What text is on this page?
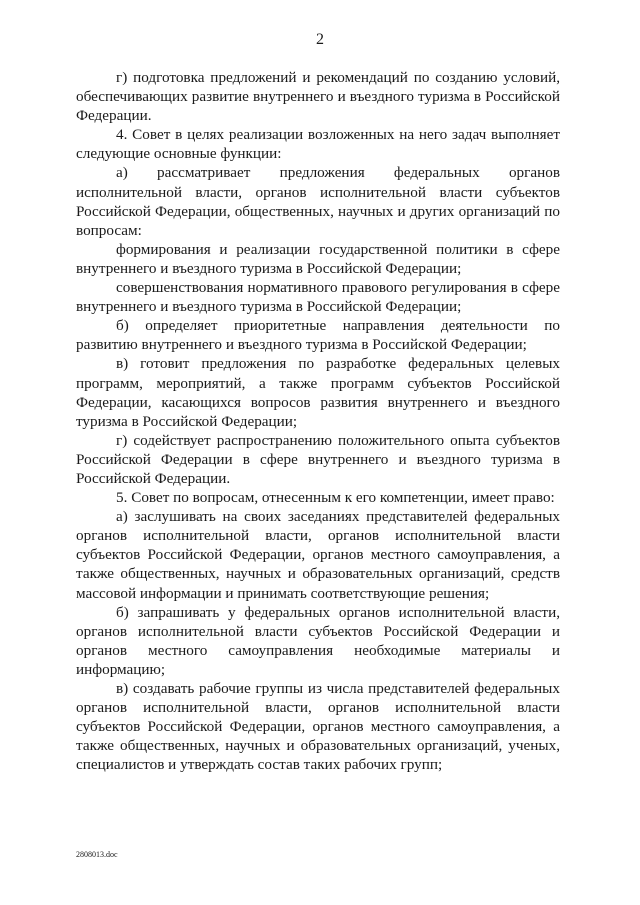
2

г) подготовка предложений и рекомендаций по созданию условий, обеспечивающих развитие внутреннего и въездного туризма в Российской Федерации.

4. Совет в целях реализации возложенных на него задач выполняет следующие основные функции:

а) рассматривает предложения федеральных органов исполнительной власти, органов исполнительной власти субъектов Российской Федерации, общественных, научных и других организаций по вопросам:

формирования и реализации государственной политики в сфере внутреннего и въездного туризма в Российской Федерации;

совершенствования нормативного правового регулирования в сфере внутреннего и въездного туризма в Российской Федерации;

б) определяет приоритетные направления деятельности по развитию внутреннего и въездного туризма в Российской Федерации;

в) готовит предложения по разработке федеральных целевых программ, мероприятий, а также программ субъектов Российской Федерации, касающихся вопросов развития внутреннего и въездного туризма в Российской Федерации;

г) содействует распространению положительного опыта субъектов Российской Федерации в сфере внутреннего и въездного туризма в Российской Федерации.

5. Совет по вопросам, отнесенным к его компетенции, имеет право:

а) заслушивать на своих заседаниях представителей федеральных органов исполнительной власти, органов исполнительной власти субъектов Российской Федерации, органов местного самоуправления, а также общественных, научных и образовательных организаций, средств массовой информации и принимать соответствующие решения;

б) запрашивать у федеральных органов исполнительной власти, органов исполнительной власти субъектов Российской Федерации и органов местного самоуправления необходимые материалы и информацию;

в) создавать рабочие группы из числа представителей федеральных органов исполнительной власти, органов исполнительной власти субъектов Российской Федерации, органов местного самоуправления, а также общественных, научных и образовательных организаций, ученых, специалистов и утверждать состав таких рабочих групп;

2808013.doc
